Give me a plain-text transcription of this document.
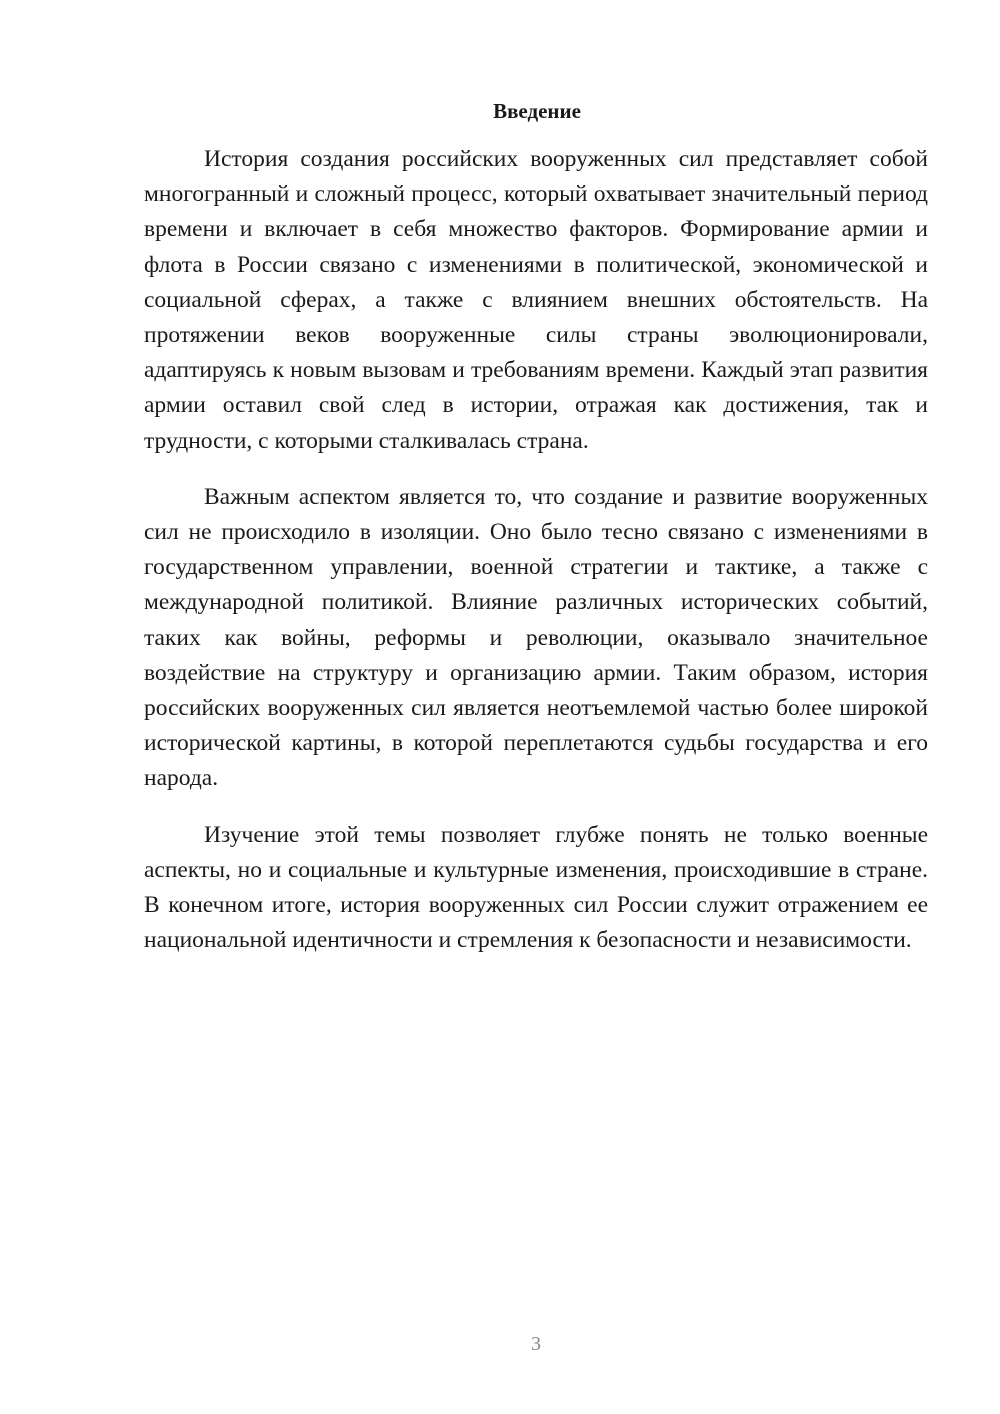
Введение

История создания российских вооруженных сил представляет собой многогранный и сложный процесс, который охватывает значительный период времени и включает в себя множество факторов. Формирование армии и флота в России связано с изменениями в политической, экономической и социальной сферах, а также с влиянием внешних обстоятельств. На протяжении веков вооруженные силы страны эволюционировали, адаптируясь к новым вызовам и требованиям времени. Каждый этап развития армии оставил свой след в истории, отражая как достижения, так и трудности, с которыми сталкивалась страна.

Важным аспектом является то, что создание и развитие вооруженных сил не происходило в изоляции. Оно было тесно связано с изменениями в государственном управлении, военной стратегии и тактике, а также с международной политикой. Влияние различных исторических событий, таких как войны, реформы и революции, оказывало значительное воздействие на структуру и организацию армии. Таким образом, история российских вооруженных сил является неотъемлемой частью более широкой исторической картины, в которой переплетаются судьбы государства и его народа.

Изучение этой темы позволяет глубже понять не только военные аспекты, но и социальные и культурные изменения, происходившие в стране. В конечном итоге, история вооруженных сил России служит отражением ее национальной идентичности и стремления к безопасности и независимости.

3
